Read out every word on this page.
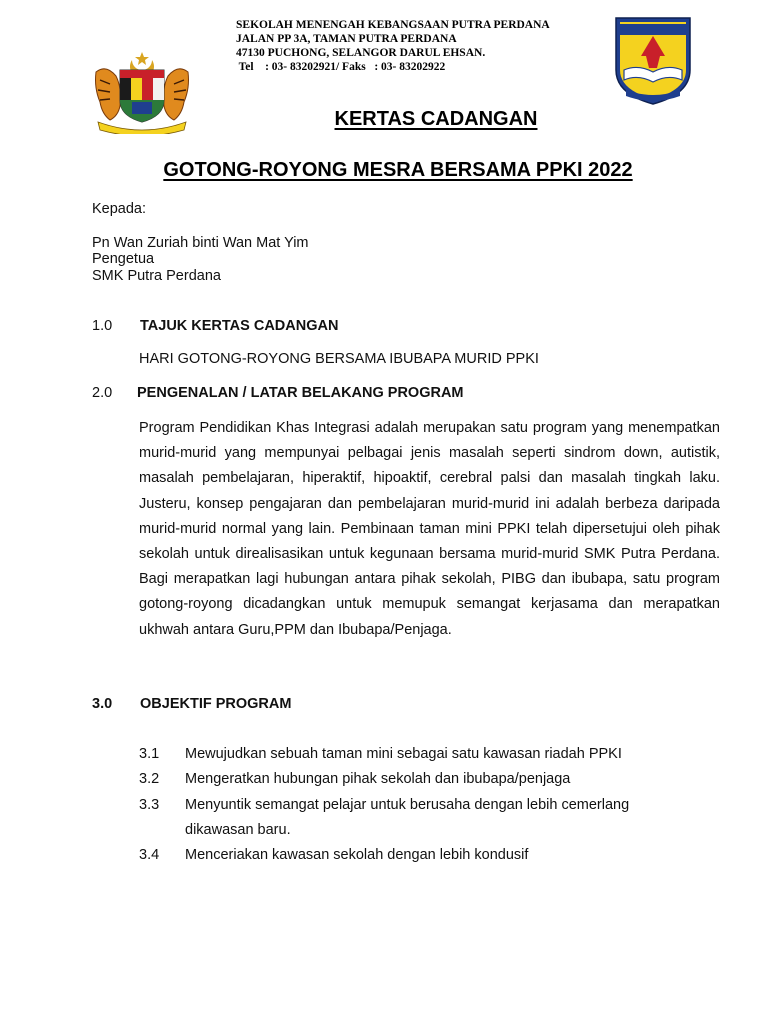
SEKOLAH MENENGAH KEBANGSAAN PUTRA PERDANA
JALAN PP 3A, TAMAN PUTRA PERDANA
47130 PUCHONG, SELANGOR DARUL EHSAN.
Tel    : 03- 83202921/ Faks   : 03- 83202922
KERTAS CADANGAN
GOTONG-ROYONG MESRA BERSAMA PPKI 2022
Kepada:
Pn Wan Zuriah binti Wan Mat Yim
Pengetua
SMK Putra Perdana
1.0 TAJUK KERTAS CADANGAN
HARI GOTONG-ROYONG BERSAMA IBUBAPA MURID PPKI
2.0 PENGENALAN / LATAR BELAKANG PROGRAM
Program Pendidikan Khas Integrasi adalah merupakan satu program yang menempatkan murid-murid yang mempunyai pelbagai jenis masalah seperti sindrom down, autistik, masalah pembelajaran, hiperaktif, hipoaktif, cerebral palsi dan masalah tingkah laku. Justeru, konsep pengajaran dan pembelajaran murid-murid ini adalah berbeza daripada murid-murid normal yang lain. Pembinaan taman mini PPKI telah dipersetujui oleh pihak sekolah untuk direalisasikan untuk kegunaan bersama murid-murid SMK Putra Perdana. Bagi merapatkan lagi hubungan antara pihak sekolah, PIBG dan ibubapa, satu program gotong-royong dicadangkan untuk memupuk semangat kerjasama dan merapatkan ukhwah antara Guru,PPM dan Ibubapa/Penjaga.
3.0 OBJEKTIF PROGRAM
3.1 Mewujudkan sebuah taman mini sebagai satu kawasan riadah PPKI
3.2 Mengeratkan hubungan pihak sekolah dan ibubapa/penjaga
3.3 Menyuntik semangat pelajar untuk berusaha dengan lebih cemerlang
dikawasan baru.
3.4 Menceriakan kawasan sekolah dengan lebih kondusif
